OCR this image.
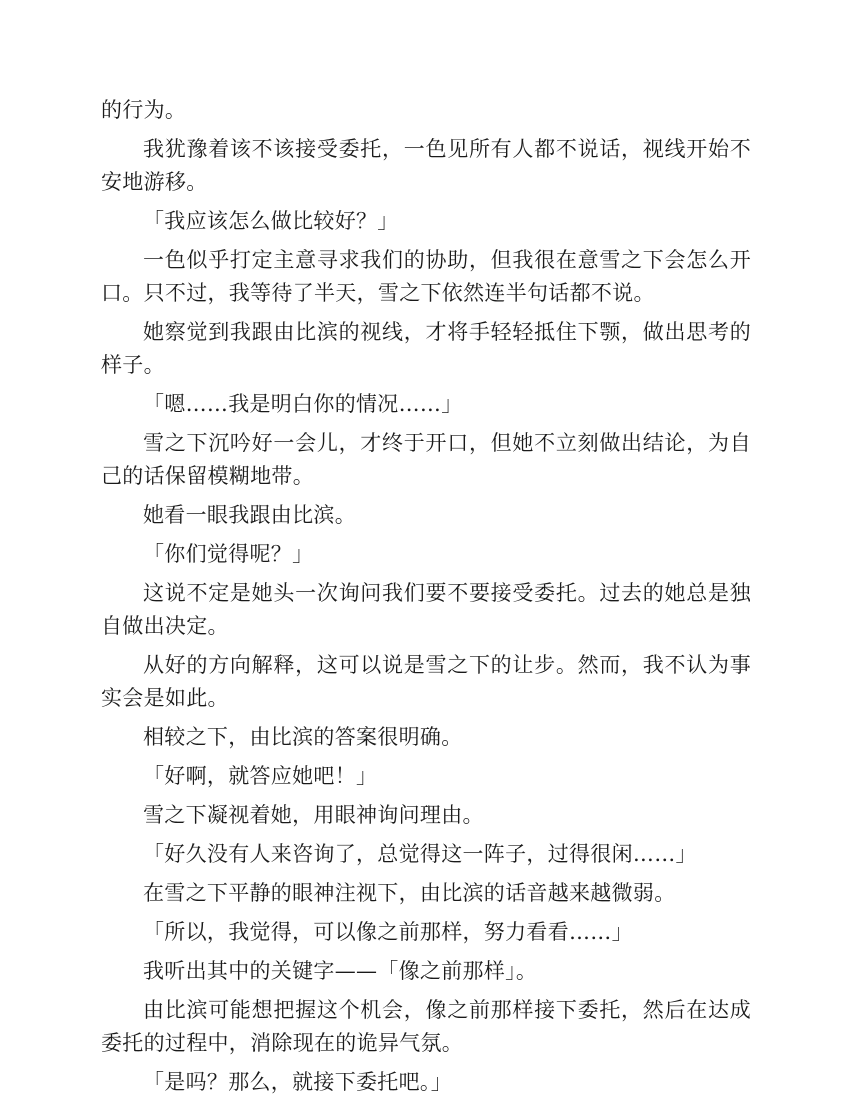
的行为。

我犹豫着该不该接受委托，一色见所有人都不说话，视线开始不安地游移。

「我应该怎么做比较好？」

一色似乎打定主意寻求我们的协助，但我很在意雪之下会怎么开口。只不过，我等待了半天，雪之下依然连半句话都不说。

她察觉到我跟由比滨的视线，才将手轻轻抵住下颚，做出思考的样子。

「嗯……我是明白你的情况……」

雪之下沉吟好一会儿，才终于开口，但她不立刻做出结论，为自己的话保留模糊地带。

她看一眼我跟由比滨。

「你们觉得呢？」

这说不定是她头一次询问我们要不要接受委托。过去的她总是独自做出决定。

从好的方向解释，这可以说是雪之下的让步。然而，我不认为事实会是如此。

相较之下，由比滨的答案很明确。

「好啊，就答应她吧！」

雪之下凝视着她，用眼神询问理由。

「好久没有人来咨询了，总觉得这一阵子，过得很闲……」

在雪之下平静的眼神注视下，由比滨的话音越来越微弱。

「所以，我觉得，可以像之前那样，努力看看……」

我听出其中的关键字——「像之前那样」。

由比滨可能想把握这个机会，像之前那样接下委托，然后在达成委托的过程中，消除现在的诡异气氛。

「是吗？那么，就接下委托吧。」
